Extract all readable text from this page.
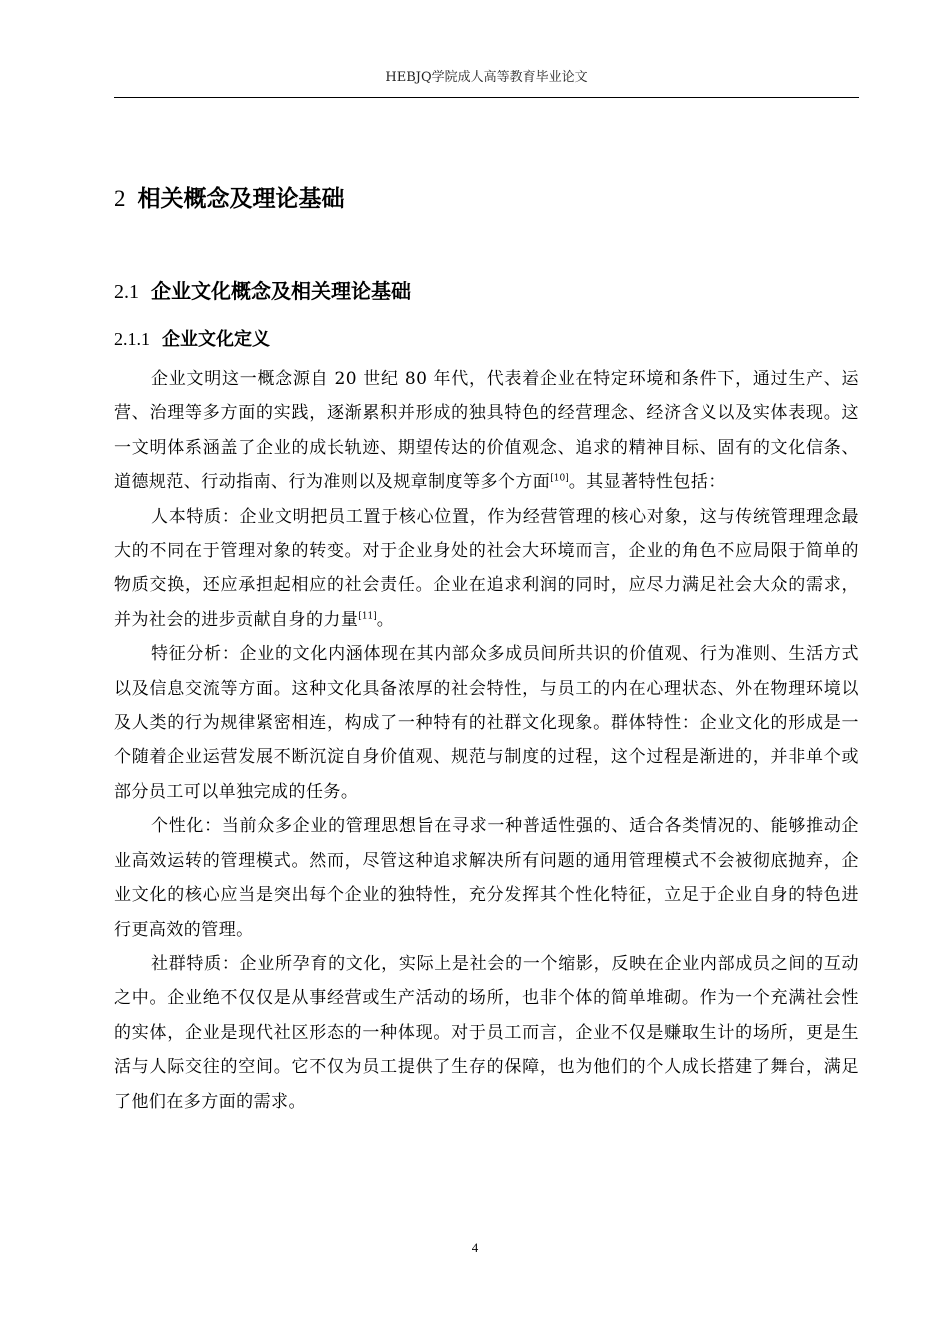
HEBJQ学院成人高等教育毕业论文
2 相关概念及理论基础
2.1 企业文化概念及相关理论基础
2.1.1 企业文化定义

企业文明这一概念源自 20 世纪 80 年代，代表着企业在特定环境和条件下，通过生产、运营、治理等多方面的实践，逐渐累积并形成的独具特色的经营理念、经济含义以及实体表现。这一文明体系涵盖了企业的成长轨迹、期望传达的价值观念、追求的精神目标、固有的文化信条、道德规范、行动指南、行为准则以及规章制度等多个方面[10]。其显著特性包括：

人本特质：企业文明把员工置于核心位置，作为经营管理的核心对象，这与传统管理理念最大的不同在于管理对象的转变。对于企业身处的社会大环境而言，企业的角色不应局限于简单的物质交换，还应承担起相应的社会责任。企业在追求利润的同时，应尽力满足社会大众的需求，并为社会的进步贡献自身的力量[11]。

特征分析：企业的文化内涵体现在其内部众多成员间所共识的价值观、行为准则、生活方式以及信息交流等方面。这种文化具备浓厚的社会特性，与员工的内在心理状态、外在物理环境以及人类的行为规律紧密相连，构成了一种特有的社群文化现象。群体特性：企业文化的形成是一个随着企业运营发展不断沉淀自身价值观、规范与制度的过程，这个过程是渐进的，并非单个或部分员工可以单独完成的任务。

个性化：当前众多企业的管理思想旨在寻求一种普适性强的、适合各类情况的、能够推动企业高效运转的管理模式。然而，尽管这种追求解决所有问题的通用管理模式不会被彻底抛弃，企业文化的核心应当是突出每个企业的独特性，充分发挥其个性化特征，立足于企业自身的特色进行更高效的管理。

社群特质：企业所孕育的文化，实际上是社会的一个缩影，反映在企业内部成员之间的互动之中。企业绝不仅仅是从事经营或生产活动的场所，也非个体的简单堆砌。作为一个充满社会性的实体，企业是现代社区形态的一种体现。对于员工而言，企业不仅是赚取生计的场所，更是生活与人际交往的空间。它不仅为员工提供了生存的保障，也为他们的个人成长搭建了舞台，满足了他们在多方面的需求。

4
